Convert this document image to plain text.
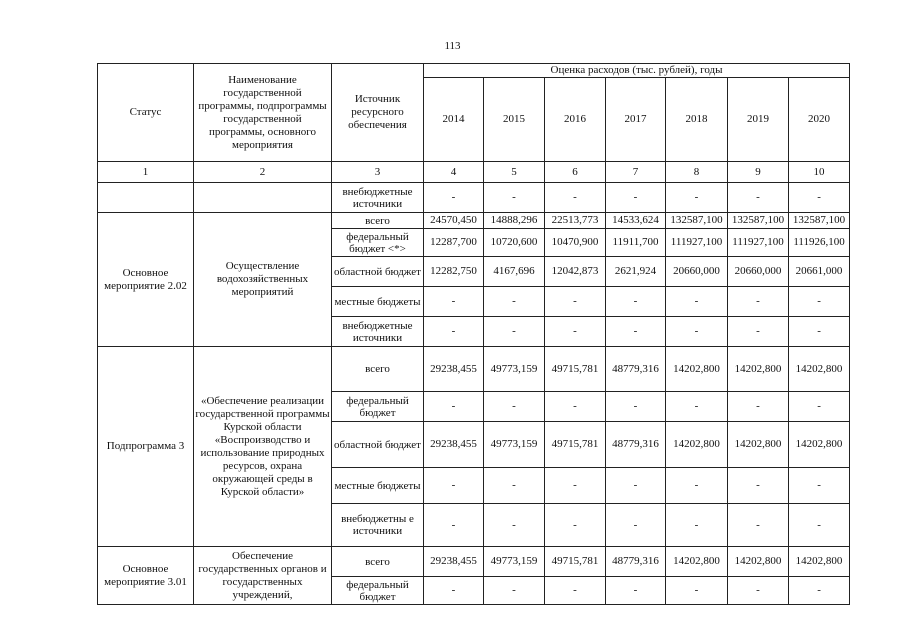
113
Статус	Наименование государственной программы, подпрограммы государственной программы, основного мероприятия	Источник ресурсного обеспечения	Оценка расходов (тыс. рублей), годы						
			2014	2015	2016	2017	2018	2019	2020
1	2	3	4	5	6	7	8	9	10
		внебюджетные источники	-	-	-	-	-	-	-
Основное мероприятие 2.02	Осуществление водохозяйственных мероприятий	всего	24570,450	14888,296	22513,773	14533,624	132587,100	132587,100	132587,100
		федеральный бюджет <*>	12287,700	10720,600	10470,900	11911,700	111927,100	111927,100	111926,100
		областной бюджет	12282,750	4167,696	12042,873	2621,924	20660,000	20660,000	20661,000
		местные бюджеты	-	-	-	-	-	-	-
		внебюджетные источники	-	-	-	-	-	-	-
Подпрограмма 3	«Обеспечение реализации государственной программы Курской области «Воспроизводство и использование природных ресурсов, охрана окружающей среды в Курской области»	всего	29238,455	49773,159	49715,781	48779,316	14202,800	14202,800	14202,800
		федеральный бюджет	-	-	-	-	-	-	-
		областной бюджет	29238,455	49773,159	49715,781	48779,316	14202,800	14202,800	14202,800
		местные бюджеты	-	-	-	-	-	-	-
		внебюджетны е источники	-	-	-	-	-	-	-
Основное мероприятие 3.01	Обеспечение государственных органов и государственных учреждений,	всего	29238,455	49773,159	49715,781	48779,316	14202,800	14202,800	14202,800
		федеральный бюджет	-	-	-	-	-	-	-
